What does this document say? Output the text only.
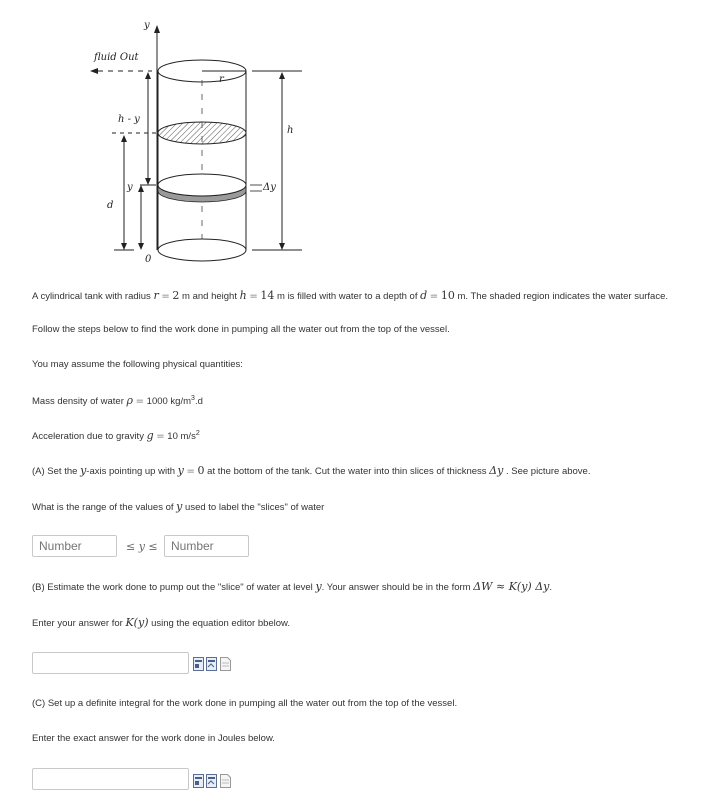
y
r
fluid Out
h - y
y
d
0
Δy
h
A cylindrical tank with radius r = 2 m and height h = 14 m is filled with water to a depth of d = 10 m. The shaded region indicates the water surface.
Follow the steps below to find the work done in pumping all the water out from the top of the vessel.
You may assume the following physical quantities:
Mass density of water ρ = 1000 $kg/m^3.d$
Acceleration due to gravity g = 10 $m/s^2$
(A) Set the y-axis pointing up with y = 0 at the bottom of the tank. Cut the water into thin slices of thickness Δy . See picture above.
What is the range of the values of y used to label the "slices" of water
Number
≤ y ≤
Number
(B) Estimate the work done to pump out the "slice" of water at level y. Your answer should be in the form ΔW ≈ K(y) Δy.
Enter your answer for K(y) using the equation editor bbelow.
(C) Set up a definite integral for the work done in pumping all the water out from the top of the vessel.
Enter the exact answer for the work done in Joules below.
